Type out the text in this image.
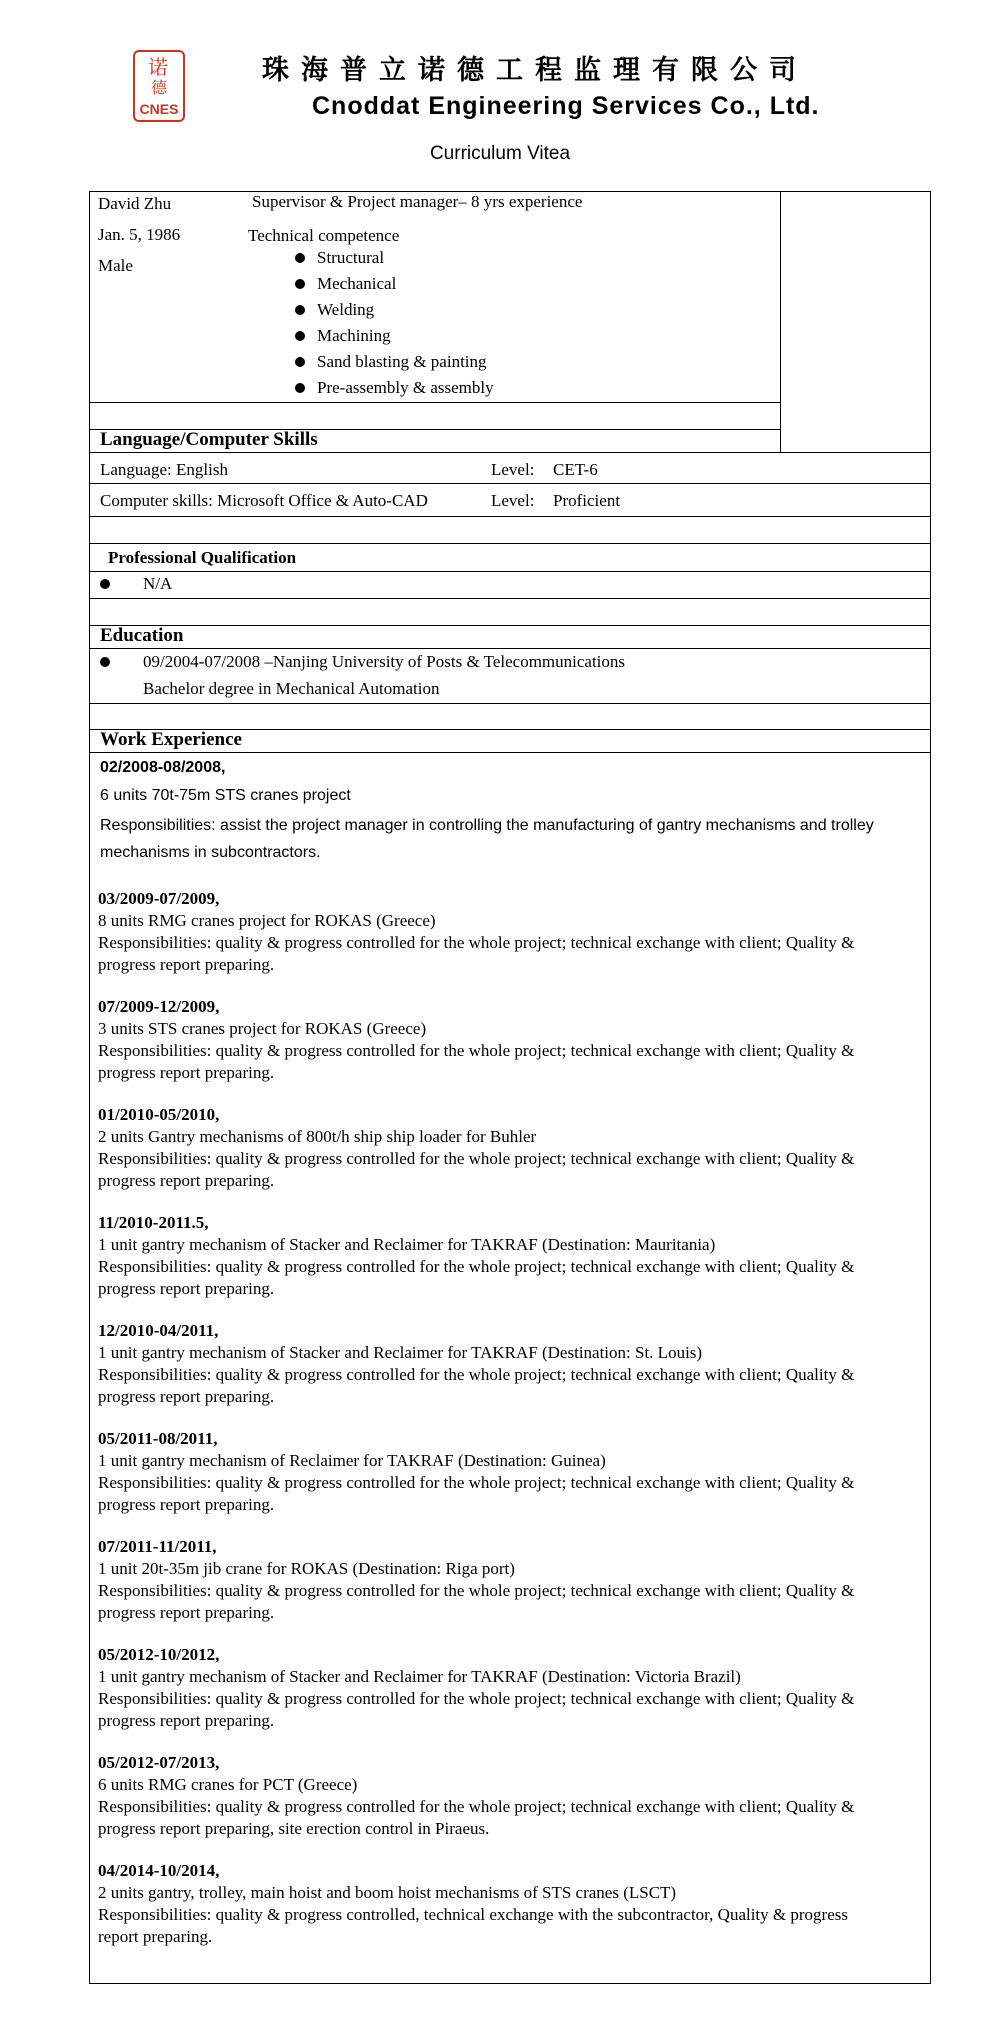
诺
德
CNES
珠海普立诺德工程监理有限公司
Cnoddat Engineering Services Co., Ltd.
Curriculum Vitea
David Zhu
Jan. 5, 1986
Male
Supervisor & Project manager– 8 yrs experience
Technical competence
Structural
Mechanical
Welding
Machining
Sand blasting & painting
Pre-assembly & assembly
Language/Computer Skills
Language: English	Level: CET-6
Computer skills: Microsoft Office & Auto-CAD	Level: Proficient
Professional Qualification
N/A
Education
09/2004-07/2008 –Nanjing University of Posts & Telecommunications
Bachelor degree in Mechanical Automation
Work Experience
02/2008-08/2008,
6 units 70t-75m STS cranes project
Responsibilities: assist the project manager in controlling the manufacturing of gantry mechanisms and trolley
mechanisms in subcontractors.
03/2009-07/2009,
8 units RMG cranes project for ROKAS (Greece)
Responsibilities: quality & progress controlled for the whole project; technical exchange with client; Quality &
progress report preparing.
07/2009-12/2009,
3 units STS cranes project for ROKAS (Greece)
Responsibilities: quality & progress controlled for the whole project; technical exchange with client; Quality &
progress report preparing.
01/2010-05/2010,
2 units Gantry mechanisms of 800t/h ship ship loader for Buhler
Responsibilities: quality & progress controlled for the whole project; technical exchange with client; Quality &
progress report preparing.
11/2010-2011.5,
1 unit gantry mechanism of Stacker and Reclaimer for TAKRAF (Destination: Mauritania)
Responsibilities: quality & progress controlled for the whole project; technical exchange with client; Quality &
progress report preparing.
12/2010-04/2011,
1 unit gantry mechanism of Stacker and Reclaimer for TAKRAF (Destination: St. Louis)
Responsibilities: quality & progress controlled for the whole project; technical exchange with client; Quality &
progress report preparing.
05/2011-08/2011,
1 unit gantry mechanism of Reclaimer for TAKRAF (Destination: Guinea)
Responsibilities: quality & progress controlled for the whole project; technical exchange with client; Quality &
progress report preparing.
07/2011-11/2011,
1 unit 20t-35m jib crane for ROKAS (Destination: Riga port)
Responsibilities: quality & progress controlled for the whole project; technical exchange with client; Quality &
progress report preparing.
05/2012-10/2012,
1 unit gantry mechanism of Stacker and Reclaimer for TAKRAF (Destination: Victoria Brazil)
Responsibilities: quality & progress controlled for the whole project; technical exchange with client; Quality &
progress report preparing.
05/2012-07/2013,
6 units RMG cranes for PCT (Greece)
Responsibilities: quality & progress controlled for the whole project; technical exchange with client; Quality &
progress report preparing, site erection control in Piraeus.
04/2014-10/2014,
2 units gantry, trolley, main hoist and boom hoist mechanisms of STS cranes (LSCT)
Responsibilities: quality & progress controlled, technical exchange with the subcontractor, Quality & progress
report preparing.
